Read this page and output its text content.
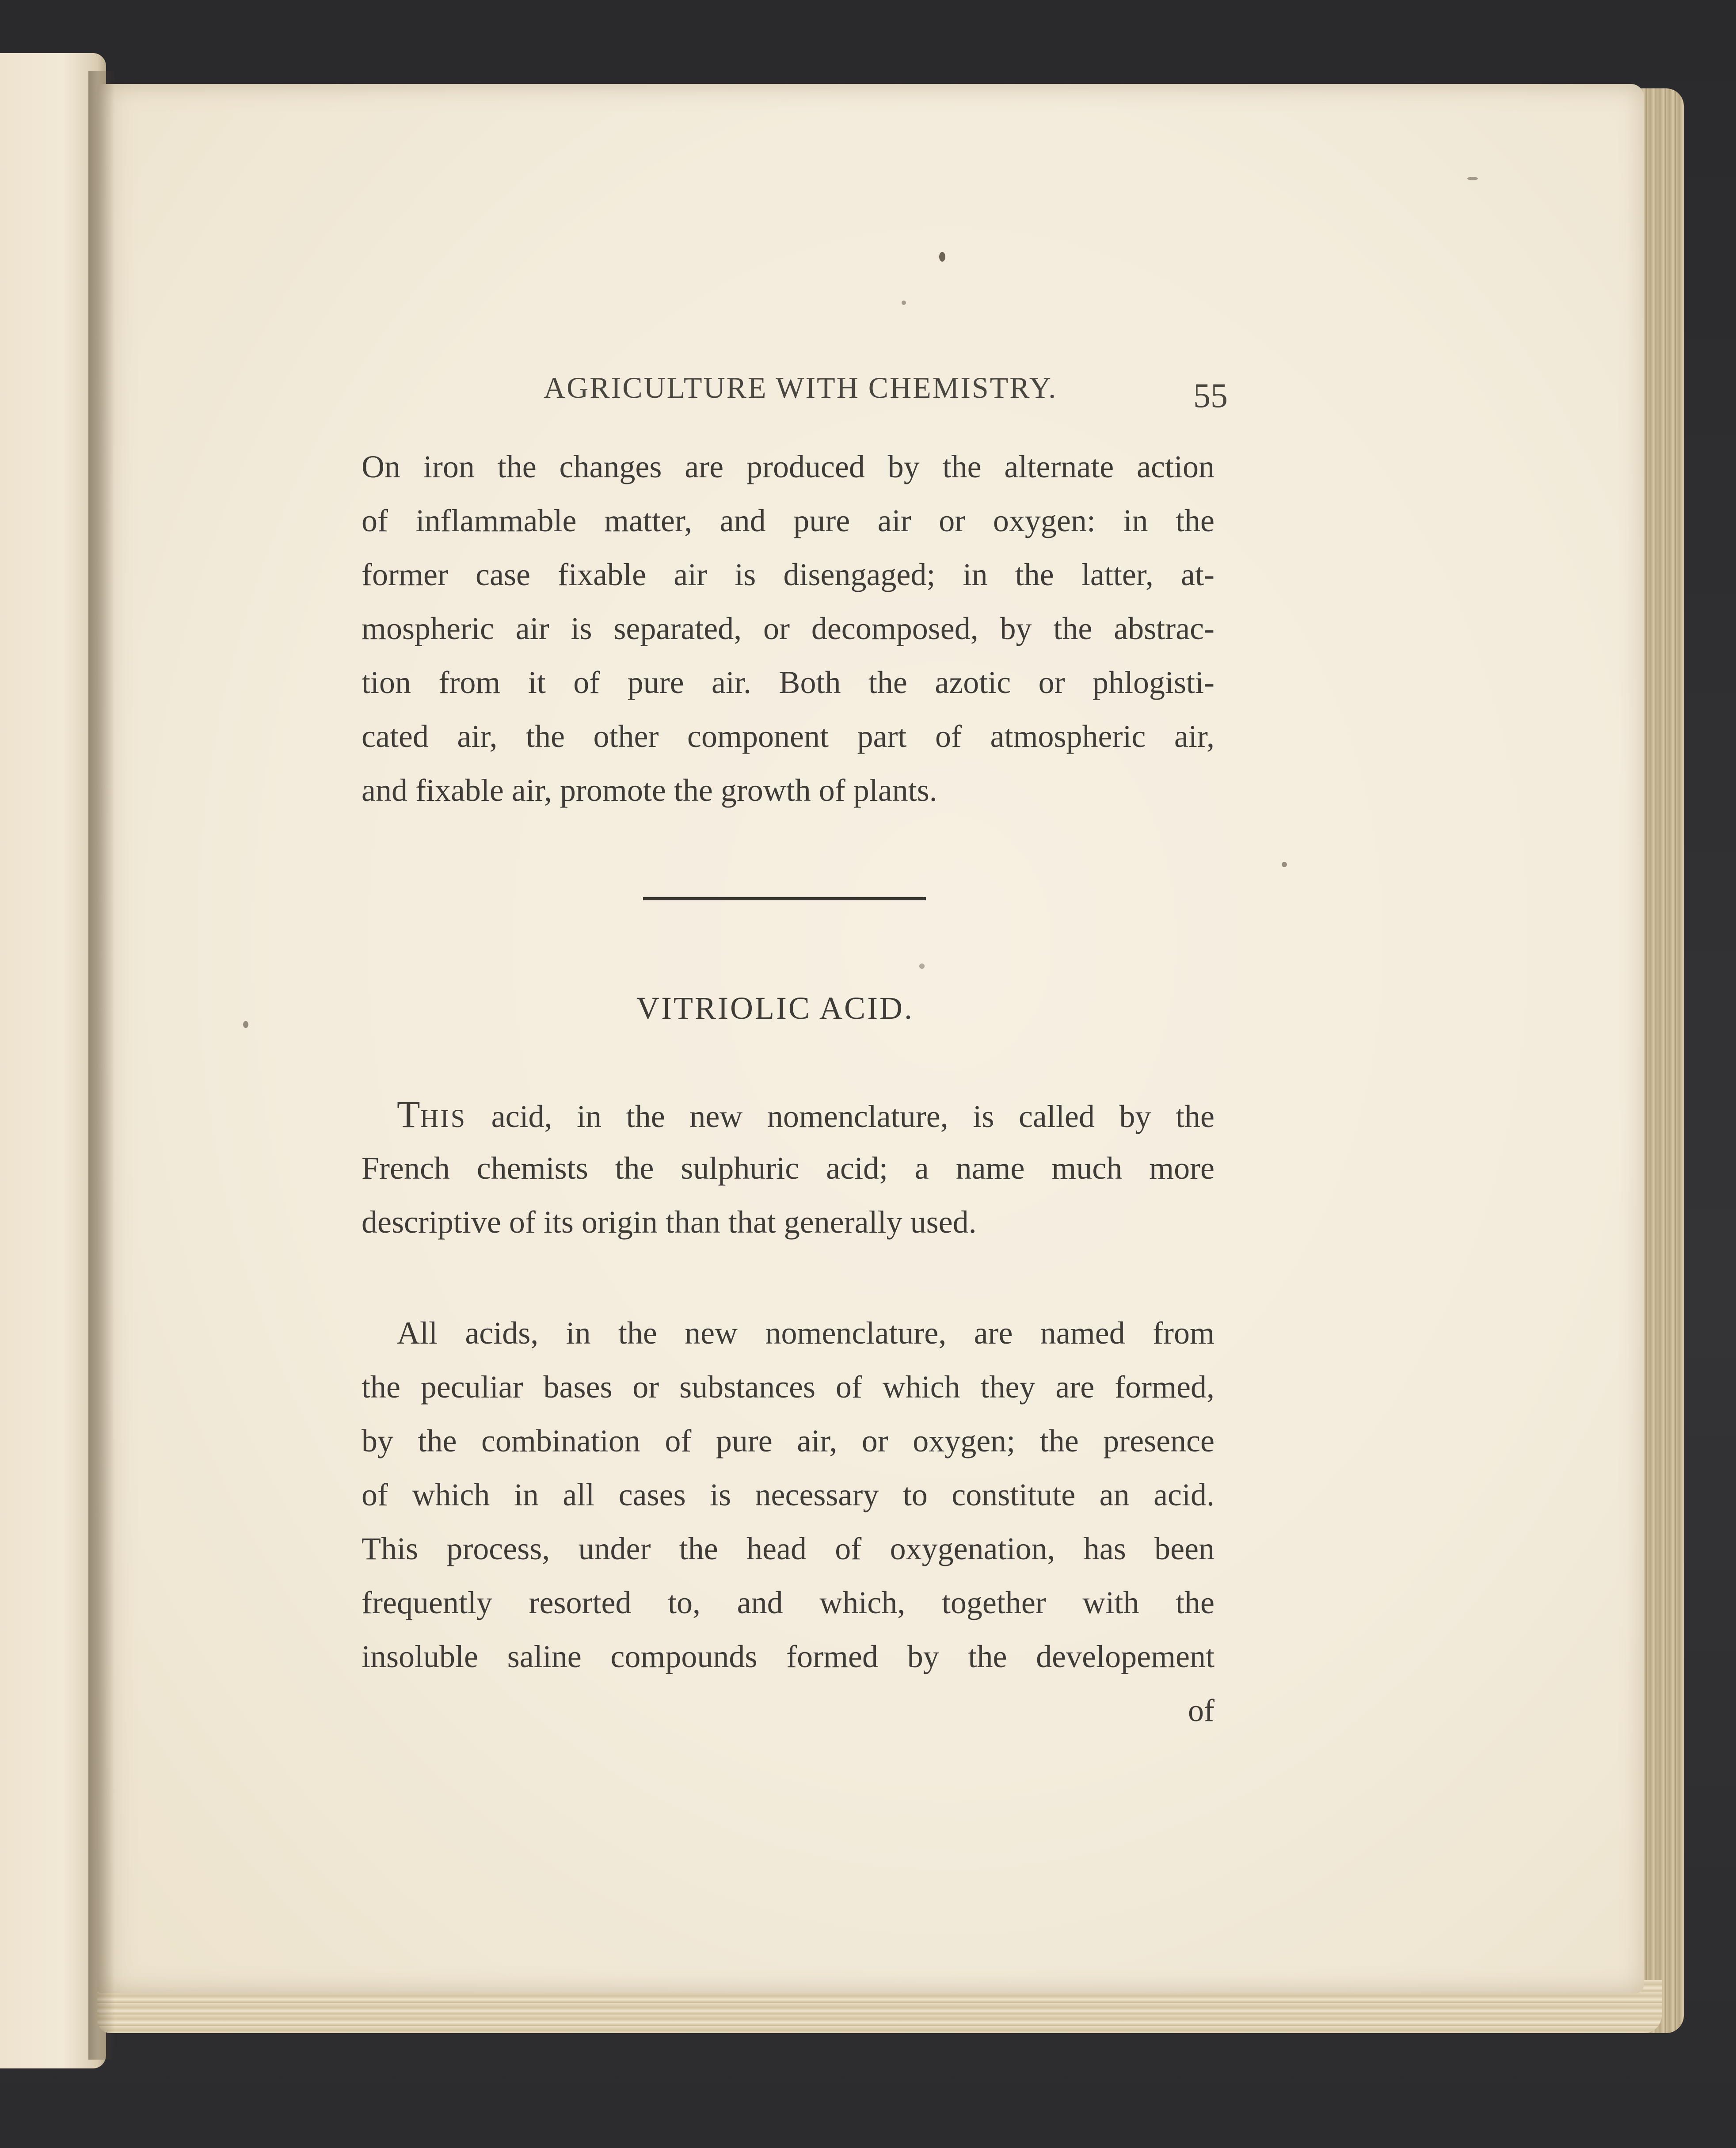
AGRICULTURE WITH CHEMISTRY.	55
On iron the changes are produced by the alternate action
of inflammable matter, and pure air or oxygen: in the
former case fixable air is disengaged; in the latter, at-
mospheric air is separated, or decomposed, by the abstrac-
tion from it of pure air. Both the azotic or phlogisti-
cated air, the other component part of atmospheric air,
and fixable air, promote the growth of plants.
VITRIOLIC ACID.
THIS acid, in the new nomenclature, is called by the
French chemists the sulphuric acid; a name much more
descriptive of its origin than that generally used.
All acids, in the new nomenclature, are named from
the peculiar bases or substances of which they are formed,
by the combination of pure air, or oxygen; the presence
of which in all cases is necessary to constitute an acid.
This process, under the head of oxygenation, has been
frequently resorted to, and which, together with the
insoluble saline compounds formed by the developement
of
